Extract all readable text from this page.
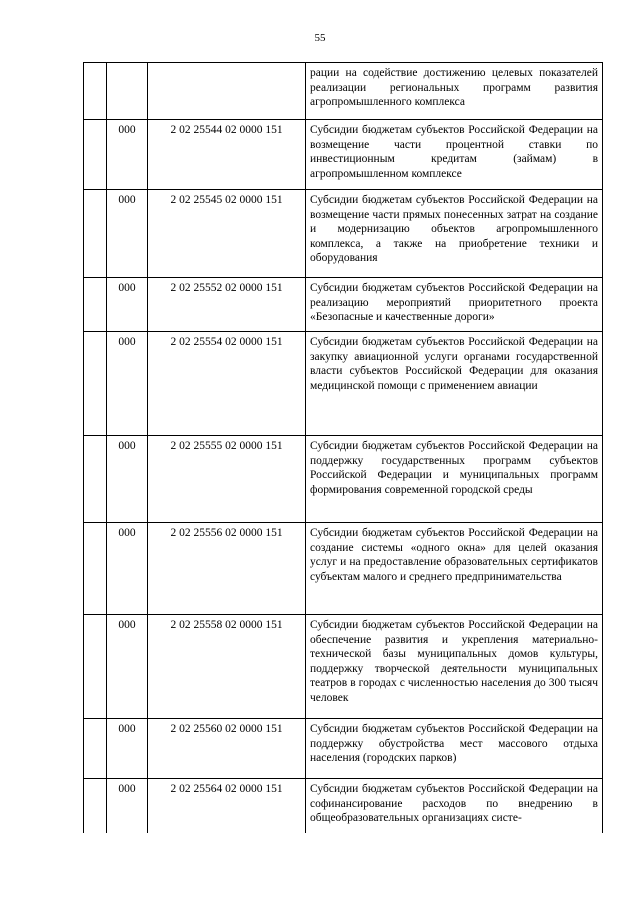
55
			рации на содействие достижению целевых показателей реализации региональных программ развития агропромышленного комплекса
	000	2 02 25544 02 0000 151	Субсидии бюджетам субъектов Российской Федерации на возмещение части процентной ставки по инвестиционным кредитам (займам) в агропромышленном комплексе
	000	2 02 25545 02 0000 151	Субсидии бюджетам субъектов Российской Федерации на возмещение части прямых понесенных затрат на создание и модернизацию объектов агропромышленного комплекса, а также на приобретение техники и оборудования
	000	2 02 25552 02 0000 151	Субсидии бюджетам субъектов Российской Федерации на реализацию мероприятий приоритетного проекта «Безопасные и качественные дороги»
	000	2 02 25554 02 0000 151	Субсидии бюджетам субъектов Российской Федерации на закупку авиационной услуги органами государственной власти субъектов Российской Федерации для оказания медицинской помощи с применением авиации
	000	2 02 25555 02 0000 151	Субсидии бюджетам субъектов Российской Федерации на поддержку государственных программ субъектов Российской Федерации и муниципальных программ формирования современной городской среды
	000	2 02 25556 02 0000 151	Субсидии бюджетам субъектов Российской Федерации на создание системы «одного окна» для целей оказания услуг и на предоставление образовательных сертификатов субъектам малого и среднего предпринимательства
	000	2 02 25558 02 0000 151	Субсидии бюджетам субъектов Российской Федерации на обеспечение развития и укрепления материально-технической базы муниципальных домов культуры, поддержку творческой деятельности муниципальных театров в городах с численностью населения до 300 тысяч человек
	000	2 02 25560 02 0000 151	Субсидии бюджетам субъектов Российской Федерации на поддержку обустройства мест массового отдыха населения (городских парков)
	000	2 02 25564 02 0000 151	Субсидии бюджетам субъектов Российской Федерации на софинансирование расходов по внедрению в общеобразовательных организациях систе-
